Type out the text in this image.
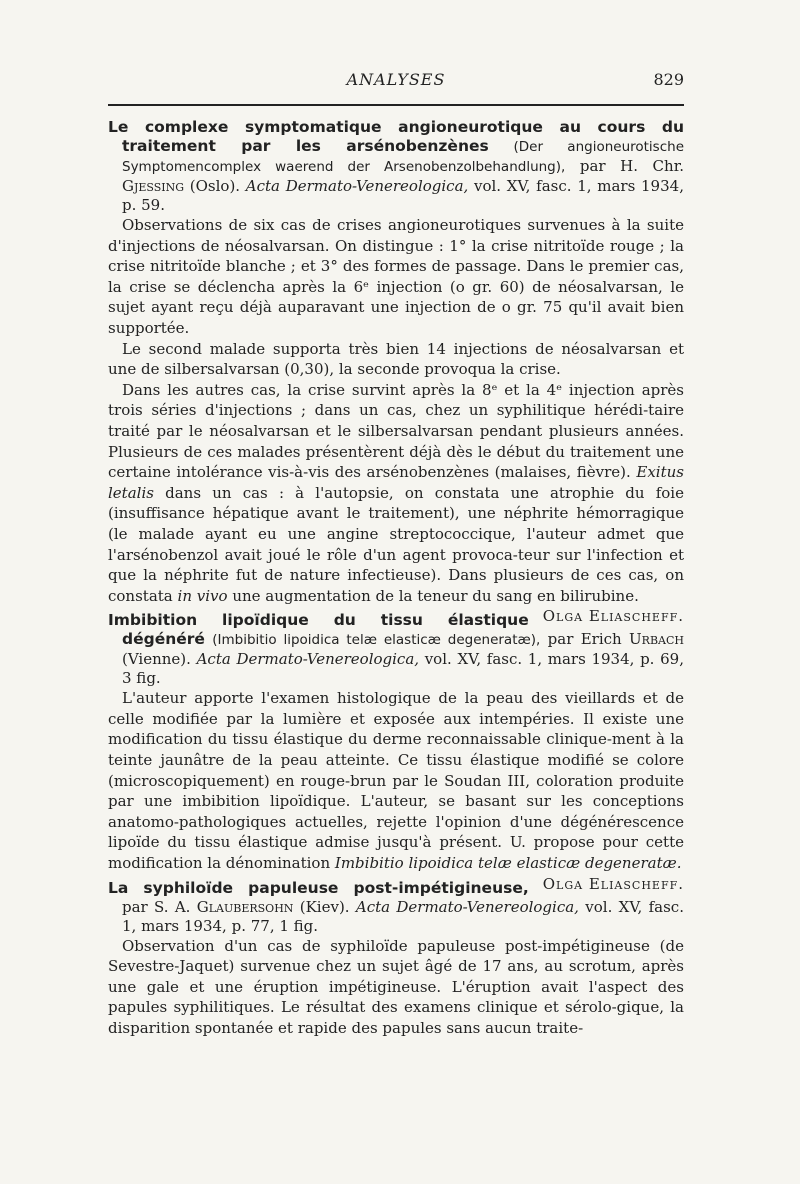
ANALYSES	829

Le complexe symptomatique angioneurotique au cours du traitement par les arsénobenzènes (Der angioneurotische Symptomencomplex waerend der Arsenobenzolbehandlung), par H. Chr. Gjessing (Oslo). Acta Dermato-Venereologica, vol. XV, fasc. 1, mars 1934, p. 59.

Observations de six cas de crises angioneurotiques survenues à la suite d'injections de néosalvarsan. On distingue : 1° la crise nitritoïde rouge ; la crise nitritoïde blanche ; et 3° des formes de passage. Dans le premier cas, la crise se déclencha après la 6ᵉ injection (o gr. 60) de néosalvarsan, le sujet ayant reçu déjà auparavant une injection de o gr. 75 qu'il avait bien supportée.

Le second malade supporta très bien 14 injections de néosalvarsan et une de silbersalvarsan (0,30), la seconde provoqua la crise.

Dans les autres cas, la crise survint après la 8ᵉ et la 4ᵉ injection après trois séries d'injections ; dans un cas, chez un syphilitique hérédi-taire traité par le néosalvarsan et le silbersalvarsan pendant plusieurs années. Plusieurs de ces malades présentèrent déjà dès le début du traitement une certaine intolérance vis-à-vis des arsénobenzènes (malaises, fièvre). Exitus letalis dans un cas : à l'autopsie, on constata une atrophie du foie (insuffisance hépatique avant le traitement), une néphrite hémorragique (le malade ayant eu une angine streptococcique, l'auteur admet que l'arsénobenzol avait joué le rôle d'un agent provoca-teur sur l'infection et que la néphrite fut de nature infectieuse). Dans plusieurs de ces cas, on constata in vivo une augmentation de la teneur du sang en bilirubine.
Olga Eliascheff.

Imbibition lipoïdique du tissu élastique dégénéré (Imbibitio lipoidica telæ elasticæ degeneratæ), par Erich Urbach (Vienne). Acta Dermato-Venereologica, vol. XV, fasc. 1, mars 1934, p. 69, 3 fig.

L'auteur apporte l'examen histologique de la peau des vieillards et de celle modifiée par la lumière et exposée aux intempéries. Il existe une modification du tissu élastique du derme reconnaissable clinique-ment à la teinte jaunâtre de la peau atteinte. Ce tissu élastique modifié se colore (microscopiquement) en rouge-brun par le Soudan III, coloration produite par une imbibition lipoïdique. L'auteur, se basant sur les conceptions anatomo-pathologiques actuelles, rejette l'opinion d'une dégénérescence lipoïde du tissu élastique admise jusqu'à présent. U. propose pour cette modification la dénomination Imbibitio lipoidica telæ elasticæ degeneratæ.
Olga Eliascheff.

La syphiloïde papuleuse post-impétigineuse, par S. A. Glaubersohn (Kiev). Acta Dermato-Venereologica, vol. XV, fasc. 1, mars 1934, p. 77, 1 fig.

Observation d'un cas de syphiloïde papuleuse post-impétigineuse (de Sevestre-Jaquet) survenue chez un sujet âgé de 17 ans, au scrotum, après une gale et une éruption impétigineuse. L'éruption avait l'aspect des papules syphilitiques. Le résultat des examens clinique et sérolo-gique, la disparition spontanée et rapide des papules sans aucun traite-
